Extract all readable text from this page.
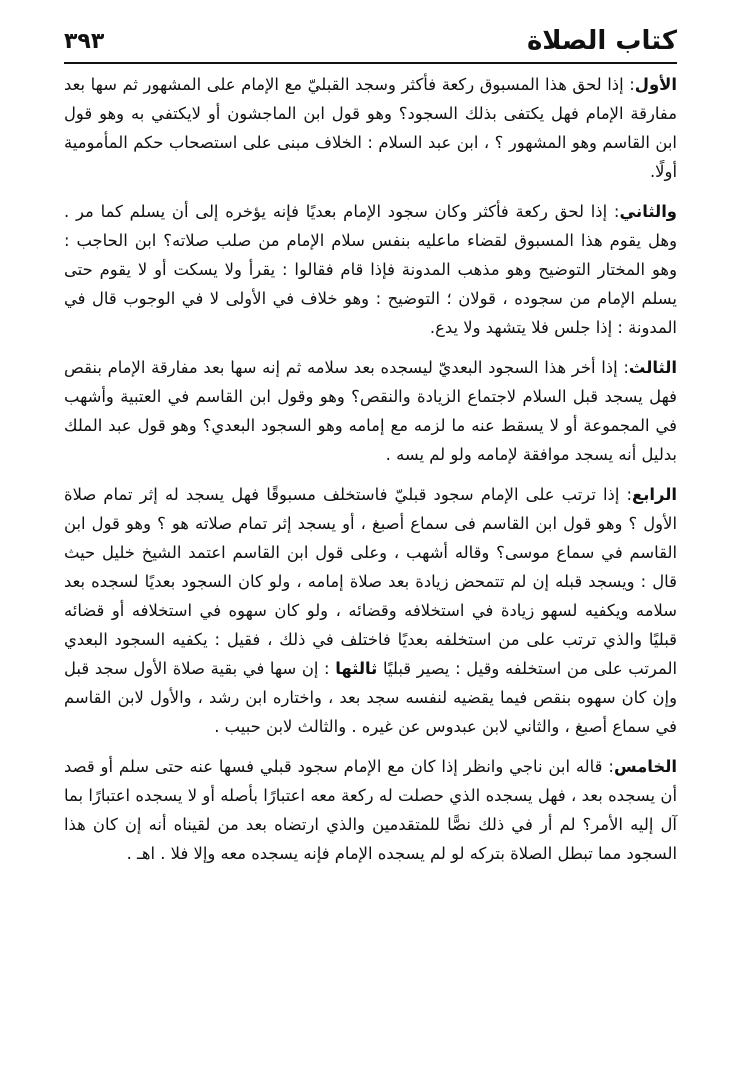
كتاب الصلاة
٣٩٣

الأول: إذا لحق هذا المسبوق ركعة فأكثر وسجد القبليّ مع الإمام على المشهور ثم سها بعد مفارقة الإمام فهل يكتفى بذلك السجود؟ وهو قول ابن الماجشون أو لايكتفي به وهو قول ابن القاسم وهو المشهور ؟ ، ابن عبد السلام : الخلاف مبنى على استصحاب حكم المأمومية أولًا.

والثاني: إذا لحق ركعة فأكثر وكان سجود الإمام بعديًا فإنه يؤخره إلى أن يسلم كما مر . وهل يقوم هذا المسبوق لقضاء ماعليه بنفس سلام الإمام من صلب صلاته؟ ابن الحاجب : وهو المختار التوضيح وهو مذهب المدونة فإذا قام فقالوا : يقرأ ولا يسكت أو لا يقوم حتى يسلم الإمام من سجوده ، قولان ؛ التوضيح : وهو خلاف في الأولى لا في الوجوب قال في المدونة : إذا جلس فلا يتشهد ولا يدع.

الثالث: إذا أخر هذا السجود البعديّ ليسجده بعد سلامه ثم إنه سها بعد مفارقة الإمام بنقص فهل يسجد قبل السلام لاجتماع الزيادة والنقص؟ وهو وقول ابن القاسم في العتبية وأشهب في المجموعة أو لا يسقط عنه ما لزمه مع إمامه وهو السجود البعدي؟ وهو قول عبد الملك بدليل أنه يسجد موافقة لإمامه ولو لم يسه .

الرابع: إذا ترتب على الإمام سجود قبليّ فاستخلف مسبوقًا فهل يسجد له إثر تمام صلاة الأول ؟ وهو قول ابن القاسم فى سماع أصبغ ، أو يسجد إثر تمام صلاته هو ؟ وهو قول ابن القاسم في سماع موسى؟ وقاله أشهب ، وعلى قول ابن القاسم اعتمد الشيخ خليل حيث قال : ويسجد قبله إن لم تتمحض زيادة بعد صلاة إمامه ، ولو كان السجود بعديًا لسجده بعد سلامه ويكفيه لسهو زيادة في استخلافه وقضائه ، ولو كان سهوه في استخلافه أو قضائه قبليًا والذي ترتب على من استخلفه بعديًا فاختلف في ذلك ، فقيل : يكفيه السجود البعدي المرتب على من استخلفه وقيل : يصير قبليًا ثالثها : إن سها في بقية صلاة الأول سجد قبل وإن كان سهوه بنقص فيما يقضيه لنفسه سجد بعد ، واختاره ابن رشد ، والأول لابن القاسم في سماع أصبغ ، والثاني لابن عبدوس عن غيره . والثالث لابن حبيب .

الخامس: قاله ابن ناجي وانظر إذا كان مع الإمام سجود قبلي فسها عنه حتى سلم أو قصد أن يسجده بعد ، فهل يسجده الذي حصلت له ركعة معه اعتبارًا بأصله أو لا يسجده اعتبارًا بما آل إليه الأمر؟ لم أر في ذلك نصًّا للمتقدمين والذي ارتضاه بعد من لقيناه أنه إن كان هذا السجود مما تبطل الصلاة بتركه لو لم يسجده الإمام فإنه يسجده معه وإلا فلا . اهـ .
